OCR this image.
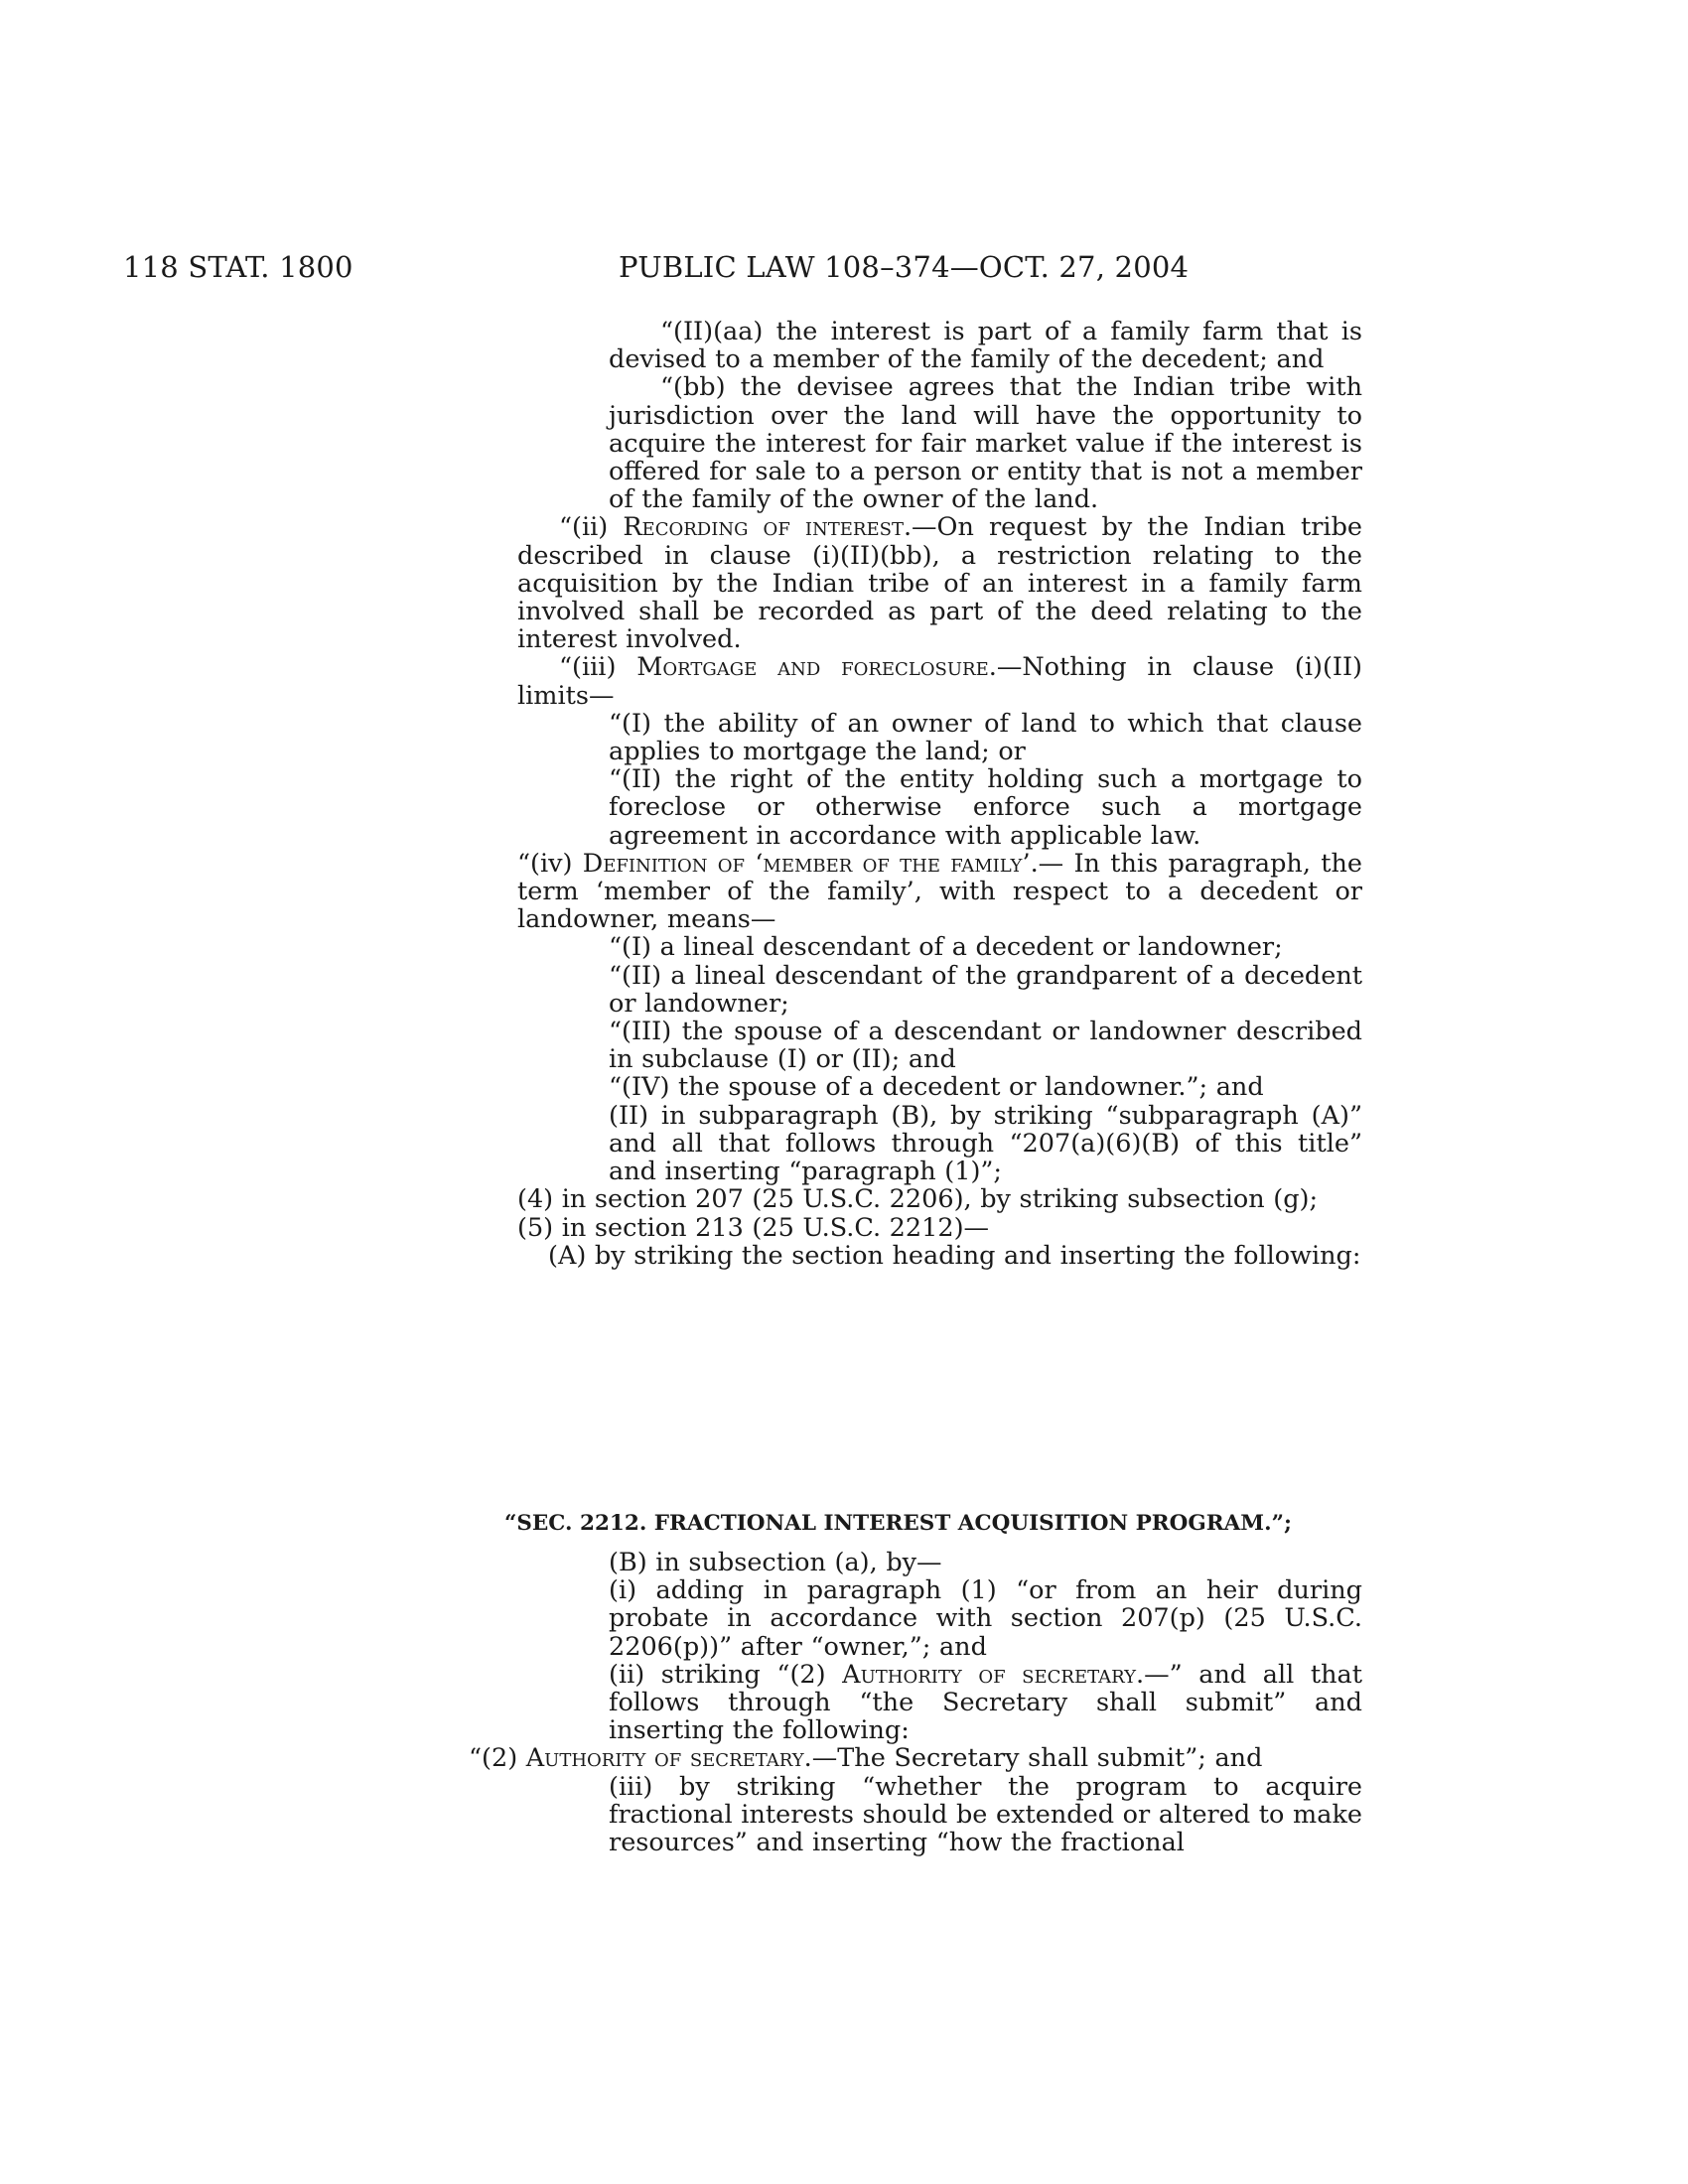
118 STAT. 1800	PUBLIC LAW 108–374—OCT. 27, 2004

“(II)(aa) the interest is part of a family farm that is devised to a member of the family of the decedent; and

“(bb) the devisee agrees that the Indian tribe with jurisdiction over the land will have the opportunity to acquire the interest for fair market value if the interest is offered for sale to a person or entity that is not a member of the family of the owner of the land.

“(ii) Recording of interest.—On request by the Indian tribe described in clause (i)(II)(bb), a restriction relating to the acquisition by the Indian tribe of an interest in a family farm involved shall be recorded as part of the deed relating to the interest involved.

“(iii) Mortgage and foreclosure.—Nothing in clause (i)(II) limits—

“(I) the ability of an owner of land to which that clause applies to mortgage the land; or

“(II) the right of the entity holding such a mortgage to foreclose or otherwise enforce such a mortgage agreement in accordance with applicable law.

“(iv) Definition of ‘member of the family’.— In this paragraph, the term ‘member of the family’, with respect to a decedent or landowner, means—

“(I) a lineal descendant of a decedent or landowner;

“(II) a lineal descendant of the grandparent of a decedent or landowner;

“(III) the spouse of a descendant or landowner described in subclause (I) or (II); and

“(IV) the spouse of a decedent or landowner.”; and

(II) in subparagraph (B), by striking “subparagraph (A)” and all that follows through “207(a)(6)(B) of this title” and inserting “paragraph (1)”;

(4) in section 207 (25 U.S.C. 2206), by striking subsection (g);

(5) in section 213 (25 U.S.C. 2212)—

(A) by striking the section heading and inserting the following:

“SEC. 2212. FRACTIONAL INTEREST ACQUISITION PROGRAM.”;

(B) in subsection (a), by—

(i) adding in paragraph (1) “or from an heir during probate in accordance with section 207(p) (25 U.S.C. 2206(p))” after “owner,”; and

(ii) striking “(2) Authority of secretary.—” and all that follows through “the Secretary shall submit” and inserting the following:

“(2) Authority of secretary.—The Secretary shall submit”; and

(iii) by striking “whether the program to acquire fractional interests should be extended or altered to make resources” and inserting “how the fractional
